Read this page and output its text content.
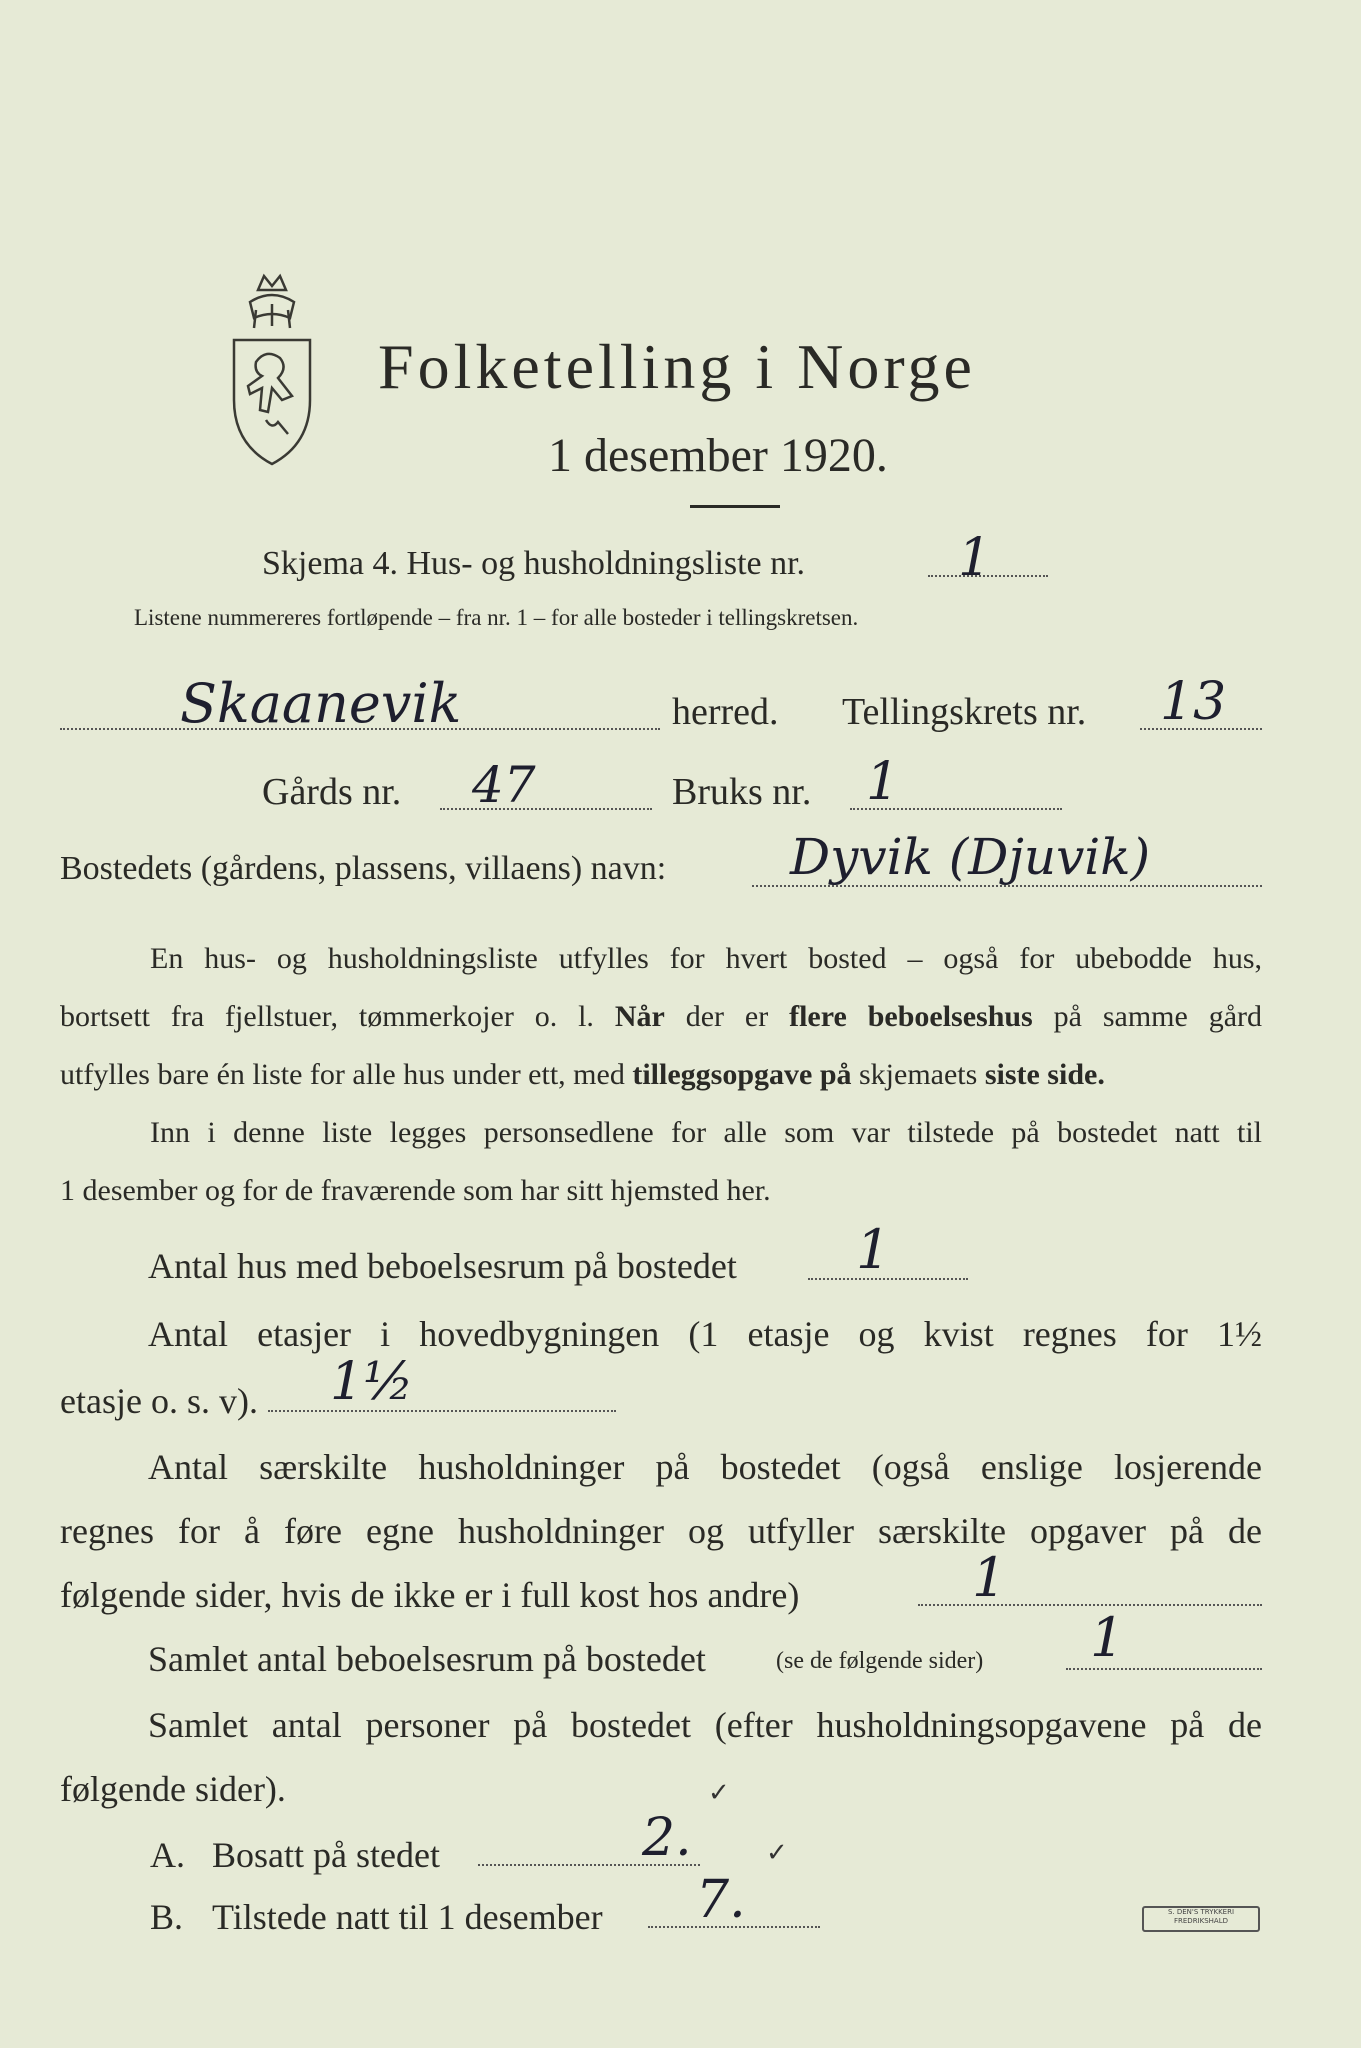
Folketelling i Norge
1 desember 1920.
Skjema 4. Hus- og husholdningsliste nr.	1
Listene nummereres fortløpende – fra nr. 1 – for alle bosteder i tellingskretsen.
Skaanevik	herred. Tellingskrets nr. 13
Gårds nr. 47	Bruks nr. 1
Bostedets (gårdens, plassens, villaens) navn: Dyvik (Djuvik)
En hus- og husholdningsliste utfylles for hvert bosted – også for ubebodde hus,
bortsett fra fjellstuer, tømmerkojer o. l. Når der er flere beboelseshus på samme gård
utfylles bare én liste for alle hus under ett, med tilleggsopgave på skjemaets siste side.
Inn i denne liste legges personsedlene for alle som var tilstede på bostedet natt til
1 desember og for de fraværende som har sitt hjemsted her.
Antal hus med beboelsesrum på bostedet 1
Antal etasjer i hovedbygningen (1 etasje og kvist regnes for 1½
etasje o. s. v). 1½
Antal særskilte husholdninger på bostedet (også enslige losjerende
regnes for å føre egne husholdninger og utfyller særskilte opgaver på de
følgende sider, hvis de ikke er i full kost hos andre)	1
Samlet antal beboelsesrum på bostedet	(se de følgende sider) 1
Samlet antal personer på bostedet (efter husholdningsopgavene på de
følgende sider).
A. Bosatt på stedet	2.
✓
B. Tilstede natt til 1 desember 7.
✓
S. DEN'S TRYKKERI
FREDRIKSHALD
